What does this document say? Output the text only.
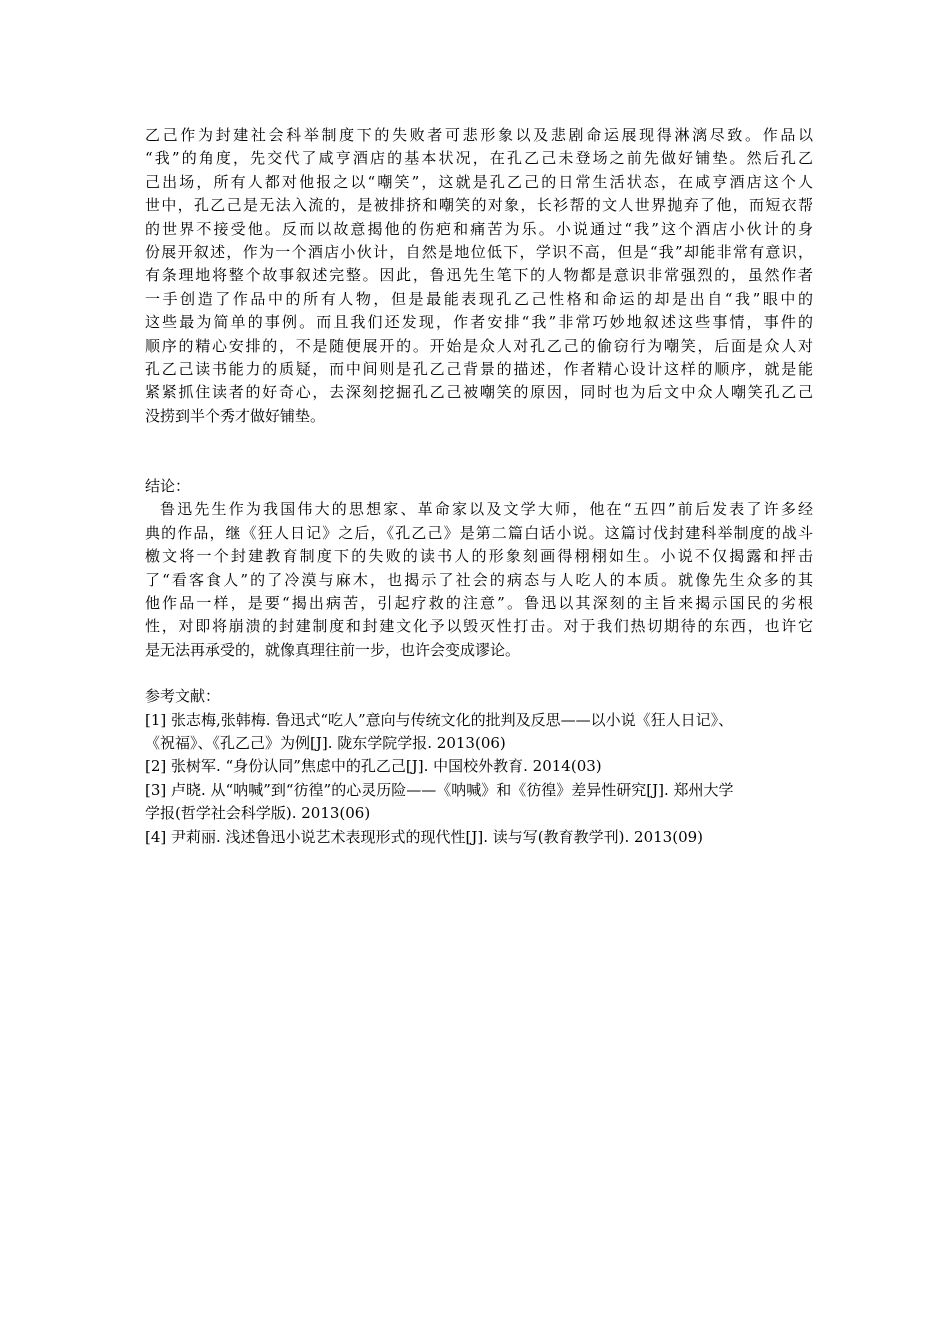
乙己作为封建社会科举制度下的失败者可悲形象以及悲剧命运展现得淋漓尽致。作品以
“我”的角度，先交代了咸亨酒店的基本状况，在孔乙己未登场之前先做好铺垫。然后孔乙
己出场，所有人都对他报之以“嘲笑”，这就是孔乙己的日常生活状态，在咸亨酒店这个人
世中，孔乙己是无法入流的，是被排挤和嘲笑的对象，长衫帮的文人世界抛弃了他，而短衣帮
的世界不接受他。反而以故意揭他的伤疤和痛苦为乐。小说通过“我”这个酒店小伙计的身
份展开叙述，作为一个酒店小伙计，自然是地位低下，学识不高，但是“我”却能非常有意识，
有条理地将整个故事叙述完整。因此，鲁迅先生笔下的人物都是意识非常强烈的，虽然作者
一手创造了作品中的所有人物，但是最能表现孔乙己性格和命运的却是出自“我”眼中的
这些最为简单的事例。而且我们还发现，作者安排“我”非常巧妙地叙述这些事情，事件的
顺序的精心安排的，不是随便展开的。开始是众人对孔乙己的偷窃行为嘲笑，后面是众人对
孔乙己读书能力的质疑，而中间则是孔乙己背景的描述，作者精心设计这样的顺序，就是能
紧紧抓住读者的好奇心，去深刻挖掘孔乙己被嘲笑的原因，同时也为后文中众人嘲笑孔乙己
没捞到半个秀才做好铺垫。
结论：
鲁迅先生作为我国伟大的思想家、革命家以及文学大师，他在“五四”前后发表了许多经
典的作品，继《狂人日记》之后，《孔乙己》是第二篇白话小说。这篇讨伐封建科举制度的战斗
檄文将一个封建教育制度下的失败的读书人的形象刻画得栩栩如生。小说不仅揭露和抨击
了“看客食人”的了冷漠与麻木，也揭示了社会的病态与人吃人的本质。就像先生众多的其
他作品一样，是要“揭出病苦，引起疗救的注意”。鲁迅以其深刻的主旨来揭示国民的劣根
性，对即将崩溃的封建制度和封建文化予以毁灭性打击。对于我们热切期待的东西，也许它
是无法再承受的，就像真理往前一步，也许会变成谬论。
参考文献：
[1] 张志梅,张韩梅. 鲁迅式“吃人”意向与传统文化的批判及反思——以小说《狂人日记》、
《祝福》、《孔乙己》为例[J]. 陇东学院学报. 2013(06)
[2] 张树军. “身份认同”焦虑中的孔乙己[J]. 中国校外教育. 2014(03)
[3] 卢晓. 从“呐喊”到“彷徨”的心灵历险——《呐喊》和《彷徨》差异性研究[J]. 郑州大学
学报(哲学社会科学版). 2013(06)
[4] 尹莉丽. 浅述鲁迅小说艺术表现形式的现代性[J]. 读与写(教育教学刊). 2013(09)
